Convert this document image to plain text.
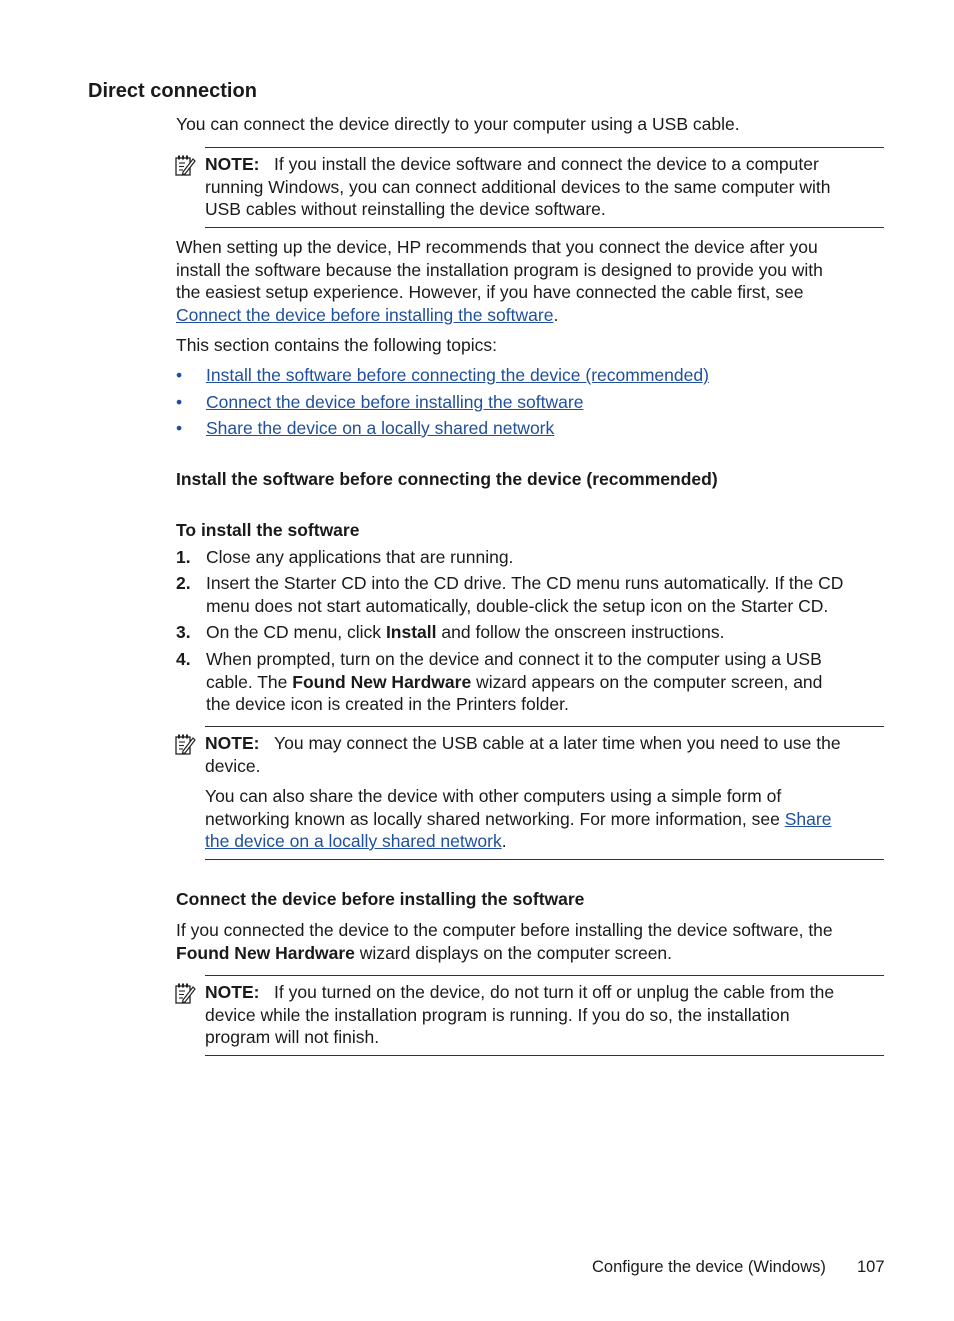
Direct connection

You can connect the device directly to your computer using a USB cable.

NOTE: If you install the device software and connect the device to a computer

running Windows, you can connect additional devices to the same computer with

USB cables without reinstalling the device software.

When setting up the device, HP recommends that you connect the device after you

install the software because the installation program is designed to provide you with

the easiest setup experience. However, if you have connected the cable first, see

Connect the device before installing the software.

This section contains the following topics:

• Install the software before connecting the device (recommended)
• Connect the device before installing the software
• Share the device on a locally shared network
Install the software before connecting the device (recommended)
To install the software
1. Close any applications that are running.

2. Insert the Starter CD into the CD drive. The CD menu runs automatically. If the CD

menu does not start automatically, double-click the setup icon on the Starter CD.

3. On the CD menu, click Install and follow the onscreen instructions.

4. When prompted, turn on the device and connect it to the computer using a USB

cable. The Found New Hardware wizard appears on the computer screen, and

the device icon is created in the Printers folder.

NOTE: You may connect the USB cable at a later time when you need to use the

device.

You can also share the device with other computers using a simple form of

networking known as locally shared networking. For more information, see Share

the device on a locally shared network.

Connect the device before installing the software

If you connected the device to the computer before installing the device software, the

Found New Hardware wizard displays on the computer screen.

NOTE: If you turned on the device, do not turn it off or unplug the cable from the

device while the installation program is running. If you do so, the installation

program will not finish.

Configure the device (Windows) 107
